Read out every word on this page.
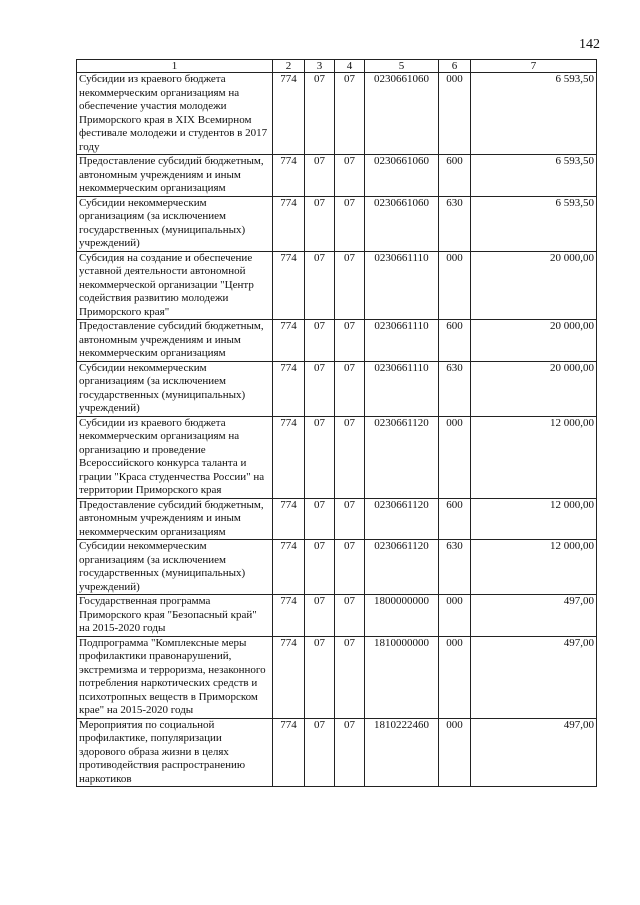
142
1	2	3	4	5	6	7
Субсидии из краевого бюджета некоммерческим организациям на обеспечение участия молодежи Приморского края в XIX Всемирном фестивале молодежи и студентов в 2017 году	774	07	07	0230661060	000	6 593,50
Предоставление субсидий бюджетным, автономным учреждениям и иным некоммерческим организациям	774	07	07	0230661060	600	6 593,50
Субсидии некоммерческим организациям (за исключением государственных (муниципальных) учреждений)	774	07	07	0230661060	630	6 593,50
Субсидия на создание и обеспечение уставной деятельности автономной некоммерческой организации "Центр содействия развитию молодежи Приморского края"	774	07	07	0230661110	000	20 000,00
Предоставление субсидий бюджетным, автономным учреждениям и иным некоммерческим организациям	774	07	07	0230661110	600	20 000,00
Субсидии некоммерческим организациям (за исключением государственных (муниципальных) учреждений)	774	07	07	0230661110	630	20 000,00
Субсидии из краевого бюджета некоммерческим организациям на организацию и проведение Всероссийского конкурса таланта и грации "Краса студенчества России" на территории Приморского края	774	07	07	0230661120	000	12 000,00
Предоставление субсидий бюджетным, автономным учреждениям и иным некоммерческим организациям	774	07	07	0230661120	600	12 000,00
Субсидии некоммерческим организациям (за исключением государственных (муниципальных) учреждений)	774	07	07	0230661120	630	12 000,00
Государственная программа Приморского края "Безопасный край" на 2015-2020 годы	774	07	07	1800000000	000	497,00
Подпрограмма "Комплексные меры профилактики правонарушений, экстремизма и терроризма, незаконного потребления наркотических средств и психотропных веществ в Приморском крае" на 2015-2020 годы	774	07	07	1810000000	000	497,00
Мероприятия по социальной профилактике, популяризации здорового образа жизни в целях противодействия распространению наркотиков	774	07	07	1810222460	000	497,00
